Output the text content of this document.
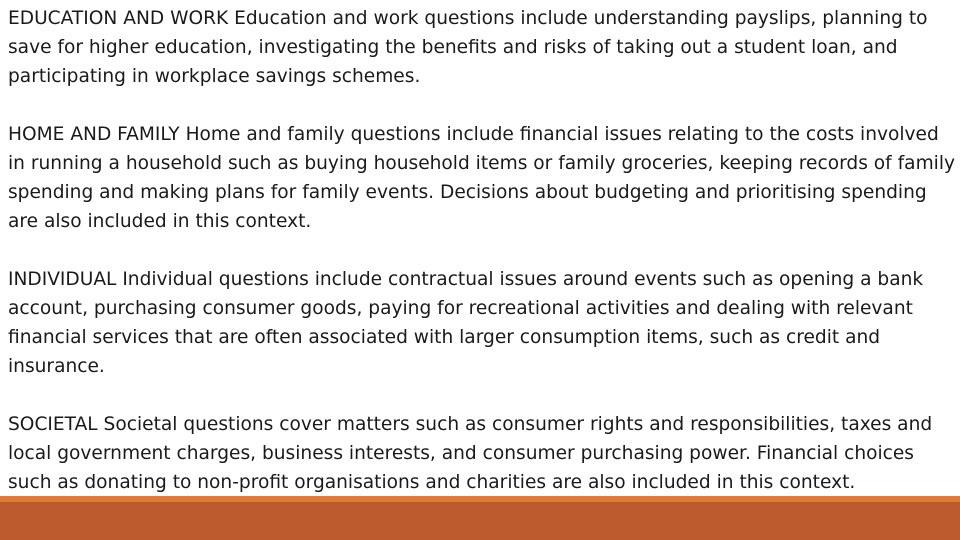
EDUCATION AND WORK Education and work questions include understanding payslips, planning to save for higher education, investigating the benefits and risks of taking out a student loan, and participating in workplace savings schemes.

HOME AND FAMILY Home and family questions include financial issues relating to the costs involved in running a household such as buying household items or family groceries, keeping records of family spending and making plans for family events. Decisions about budgeting and prioritising spending are also included in this context.

INDIVIDUAL Individual questions include contractual issues around events such as opening a bank account, purchasing consumer goods, paying for recreational activities and dealing with relevant financial services that are often associated with larger consumption items, such as credit and insurance.

SOCIETAL Societal questions cover matters such as consumer rights and responsibilities, taxes and local government charges, business interests, and consumer purchasing power. Financial choices such as donating to non-profit organisations and charities are also included in this context.
